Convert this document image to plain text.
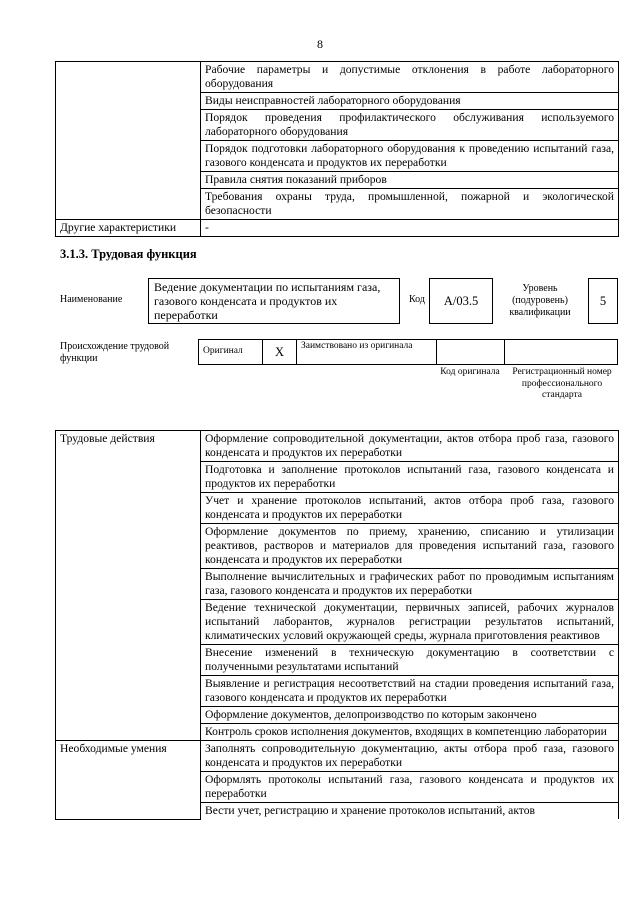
8
	Рабочие параметры и допустимые отклонения в работе лабораторного оборудования
	Виды неисправностей лабораторного оборудования
	Порядок проведения профилактического обслуживания используемого лабораторного оборудования
	Порядок подготовки лабораторного оборудования к проведению испытаний газа, газового конденсата и продуктов их переработки
	Правила снятия показаний приборов
	Требования охраны труда, промышленной, пожарной и экологической безопасности
Другие характеристики	-
3.1.3. Трудовая функция
Наименование
Ведение документации по испытаниям газа, газового конденсата и продуктов их переработки
Код	А/03.5
Уровень (подуровень) квалификации
5
Происхождение трудовой функции
Оригинал	X	Заимствовано из оригинала
Код оригинала	Регистрационный номер профессионального стандарта
Трудовые действия	Оформление сопроводительной документации, актов отбора проб газа, газового конденсата и продуктов их переработки
	Подготовка и заполнение протоколов испытаний газа, газового конденсата и продуктов их переработки
	Учет и хранение протоколов испытаний, актов отбора проб газа, газового конденсата и продуктов их переработки
	Оформление документов по приему, хранению, списанию и утилизации реактивов, растворов и материалов для проведения испытаний газа, газового конденсата и продуктов их переработки
	Выполнение вычислительных и графических работ по проводимым испытаниям газа, газового конденсата и продуктов их переработки
	Ведение технической документации, первичных записей, рабочих журналов испытаний лаборантов, журналов регистрации результатов испытаний, климатических условий окружающей среды, журнала приготовления реактивов
	Внесение изменений в техническую документацию в соответствии с полученными результатами испытаний
	Выявление и регистрация несоответствий на стадии проведения испытаний газа, газового конденсата и продуктов их переработки
	Оформление документов, делопроизводство по которым закончено
	Контроль сроков исполнения документов, входящих в компетенцию лаборатории
Необходимые умения	Заполнять сопроводительную документацию, акты отбора проб газа, газового конденсата и продуктов их переработки
	Оформлять протоколы испытаний газа, газового конденсата и продуктов их переработки
	Вести учет, регистрацию и хранение протоколов испытаний, актов
